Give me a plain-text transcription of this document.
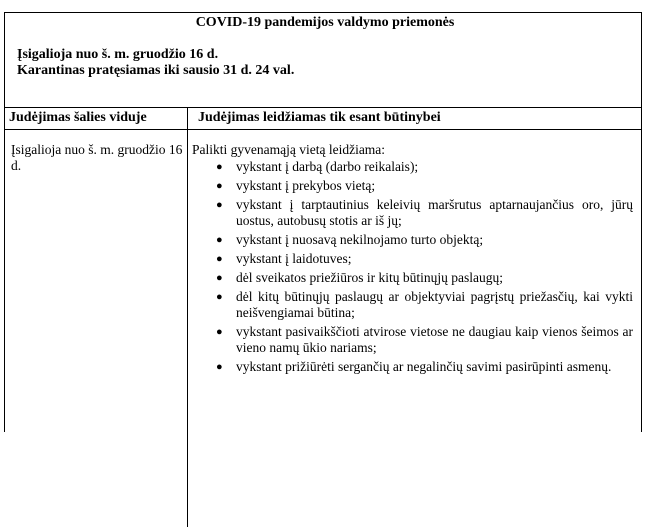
COVID-19 pandemijos valdymo priemonės

Įsigalioja nuo š. m. gruodžio 16 d.

Karantinas pratęsiamas iki sausio 31 d. 24 val.

Judėjimas šalies viduje
Įsigalioja nuo š. m. gruodžio 16 d.
Judėjimas leidžiamas tik esant būtinybei

Palikti gyvenamąją vietą leidžiama:

● vykstant į darbą (darbo reikalais);
● vykstant į prekybos vietą;
● vykstant į tarptautinius keleivių maršrutus aptarnaujančius oro, jūrų uostus, autobusų stotis ar iš jų;
● vykstant į nuosavą nekilnojamo turto objektą;
● vykstant į laidotuves;
● dėl sveikatos priežiūros ir kitų būtinųjų paslaugų;
● dėl kitų būtinųjų paslaugų ar objektyviai pagrįstų priežasčių, kai vykti neišvengiamai būtina;
● vykstant pasivaikščioti atvirose vietose ne daugiau kaip vienos šeimos ar vieno namų ūkio nariams;
● vykstant prižiūrėti sergančių ar negalinčių savimi pasirūpinti asmenų.
